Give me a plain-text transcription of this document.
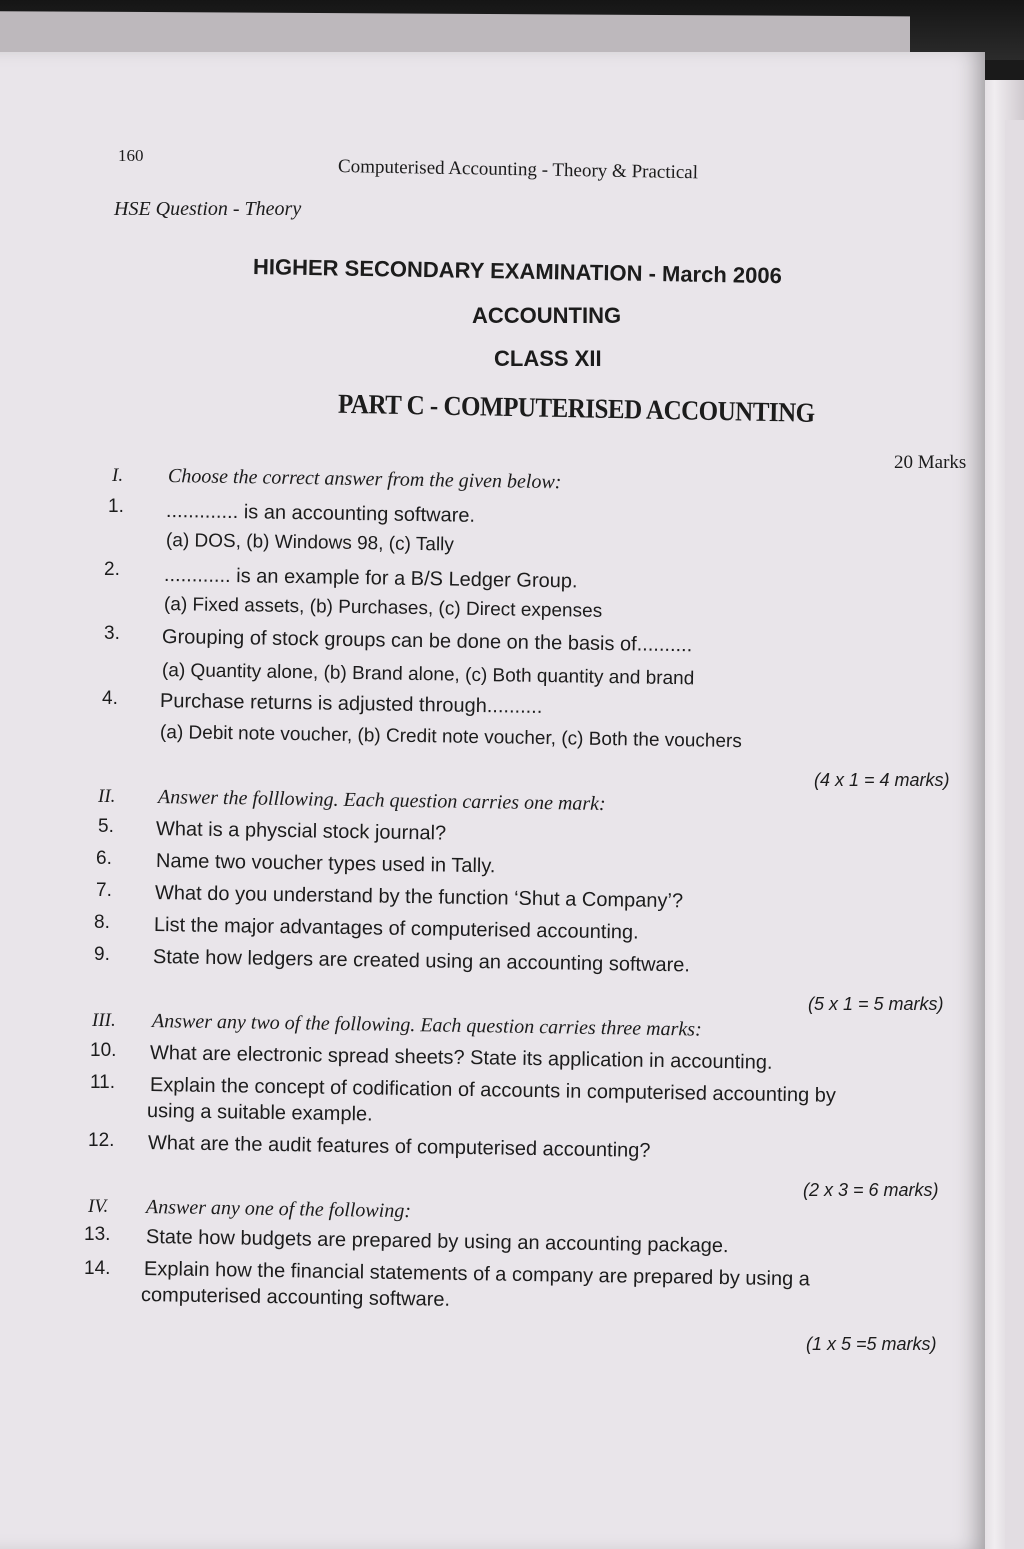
160
Computerised Accounting - Theory & Practical
HSE Question - Theory
HIGHER SECONDARY EXAMINATION - March 2006
ACCOUNTING
CLASS XII
PART C - COMPUTERISED ACCOUNTING
20 Marks
I. Choose the correct answer from the given below:
1. ............. is an accounting software.
(a) DOS, (b) Windows 98, (c) Tally
2. ............ is an example for a B/S Ledger Group.
(a) Fixed assets, (b) Purchases, (c) Direct expenses
3. Grouping of stock groups can be done on the basis of..........
(a) Quantity alone, (b) Brand alone, (c) Both quantity and brand
4. Purchase returns is adjusted through..........
(a) Debit note voucher, (b) Credit note voucher, (c) Both the vouchers
(4 x 1 = 4 marks)
II. Answer the folllowing. Each question carries one mark:
5. What is a physcial stock journal?
6. Name two voucher types used in Tally.
7. What do you understand by the function ‘Shut a Company’?
8. List the major advantages of computerised accounting.
9. State how ledgers are created using an accounting software.
(5 x 1 = 5 marks)
III. Answer any two of the following. Each question carries three marks:
10. What are electronic spread sheets? State its application in accounting.
11. Explain the concept of codification of accounts in computerised accounting by
using a suitable example.
12. What are the audit features of computerised accounting?
(2 x 3 = 6 marks)
IV. Answer any one of the following:
13. State how budgets are prepared by using an accounting package.
14. Explain how the financial statements of a company are prepared by using a
computerised accounting software.
(1 x 5 =5 marks)
